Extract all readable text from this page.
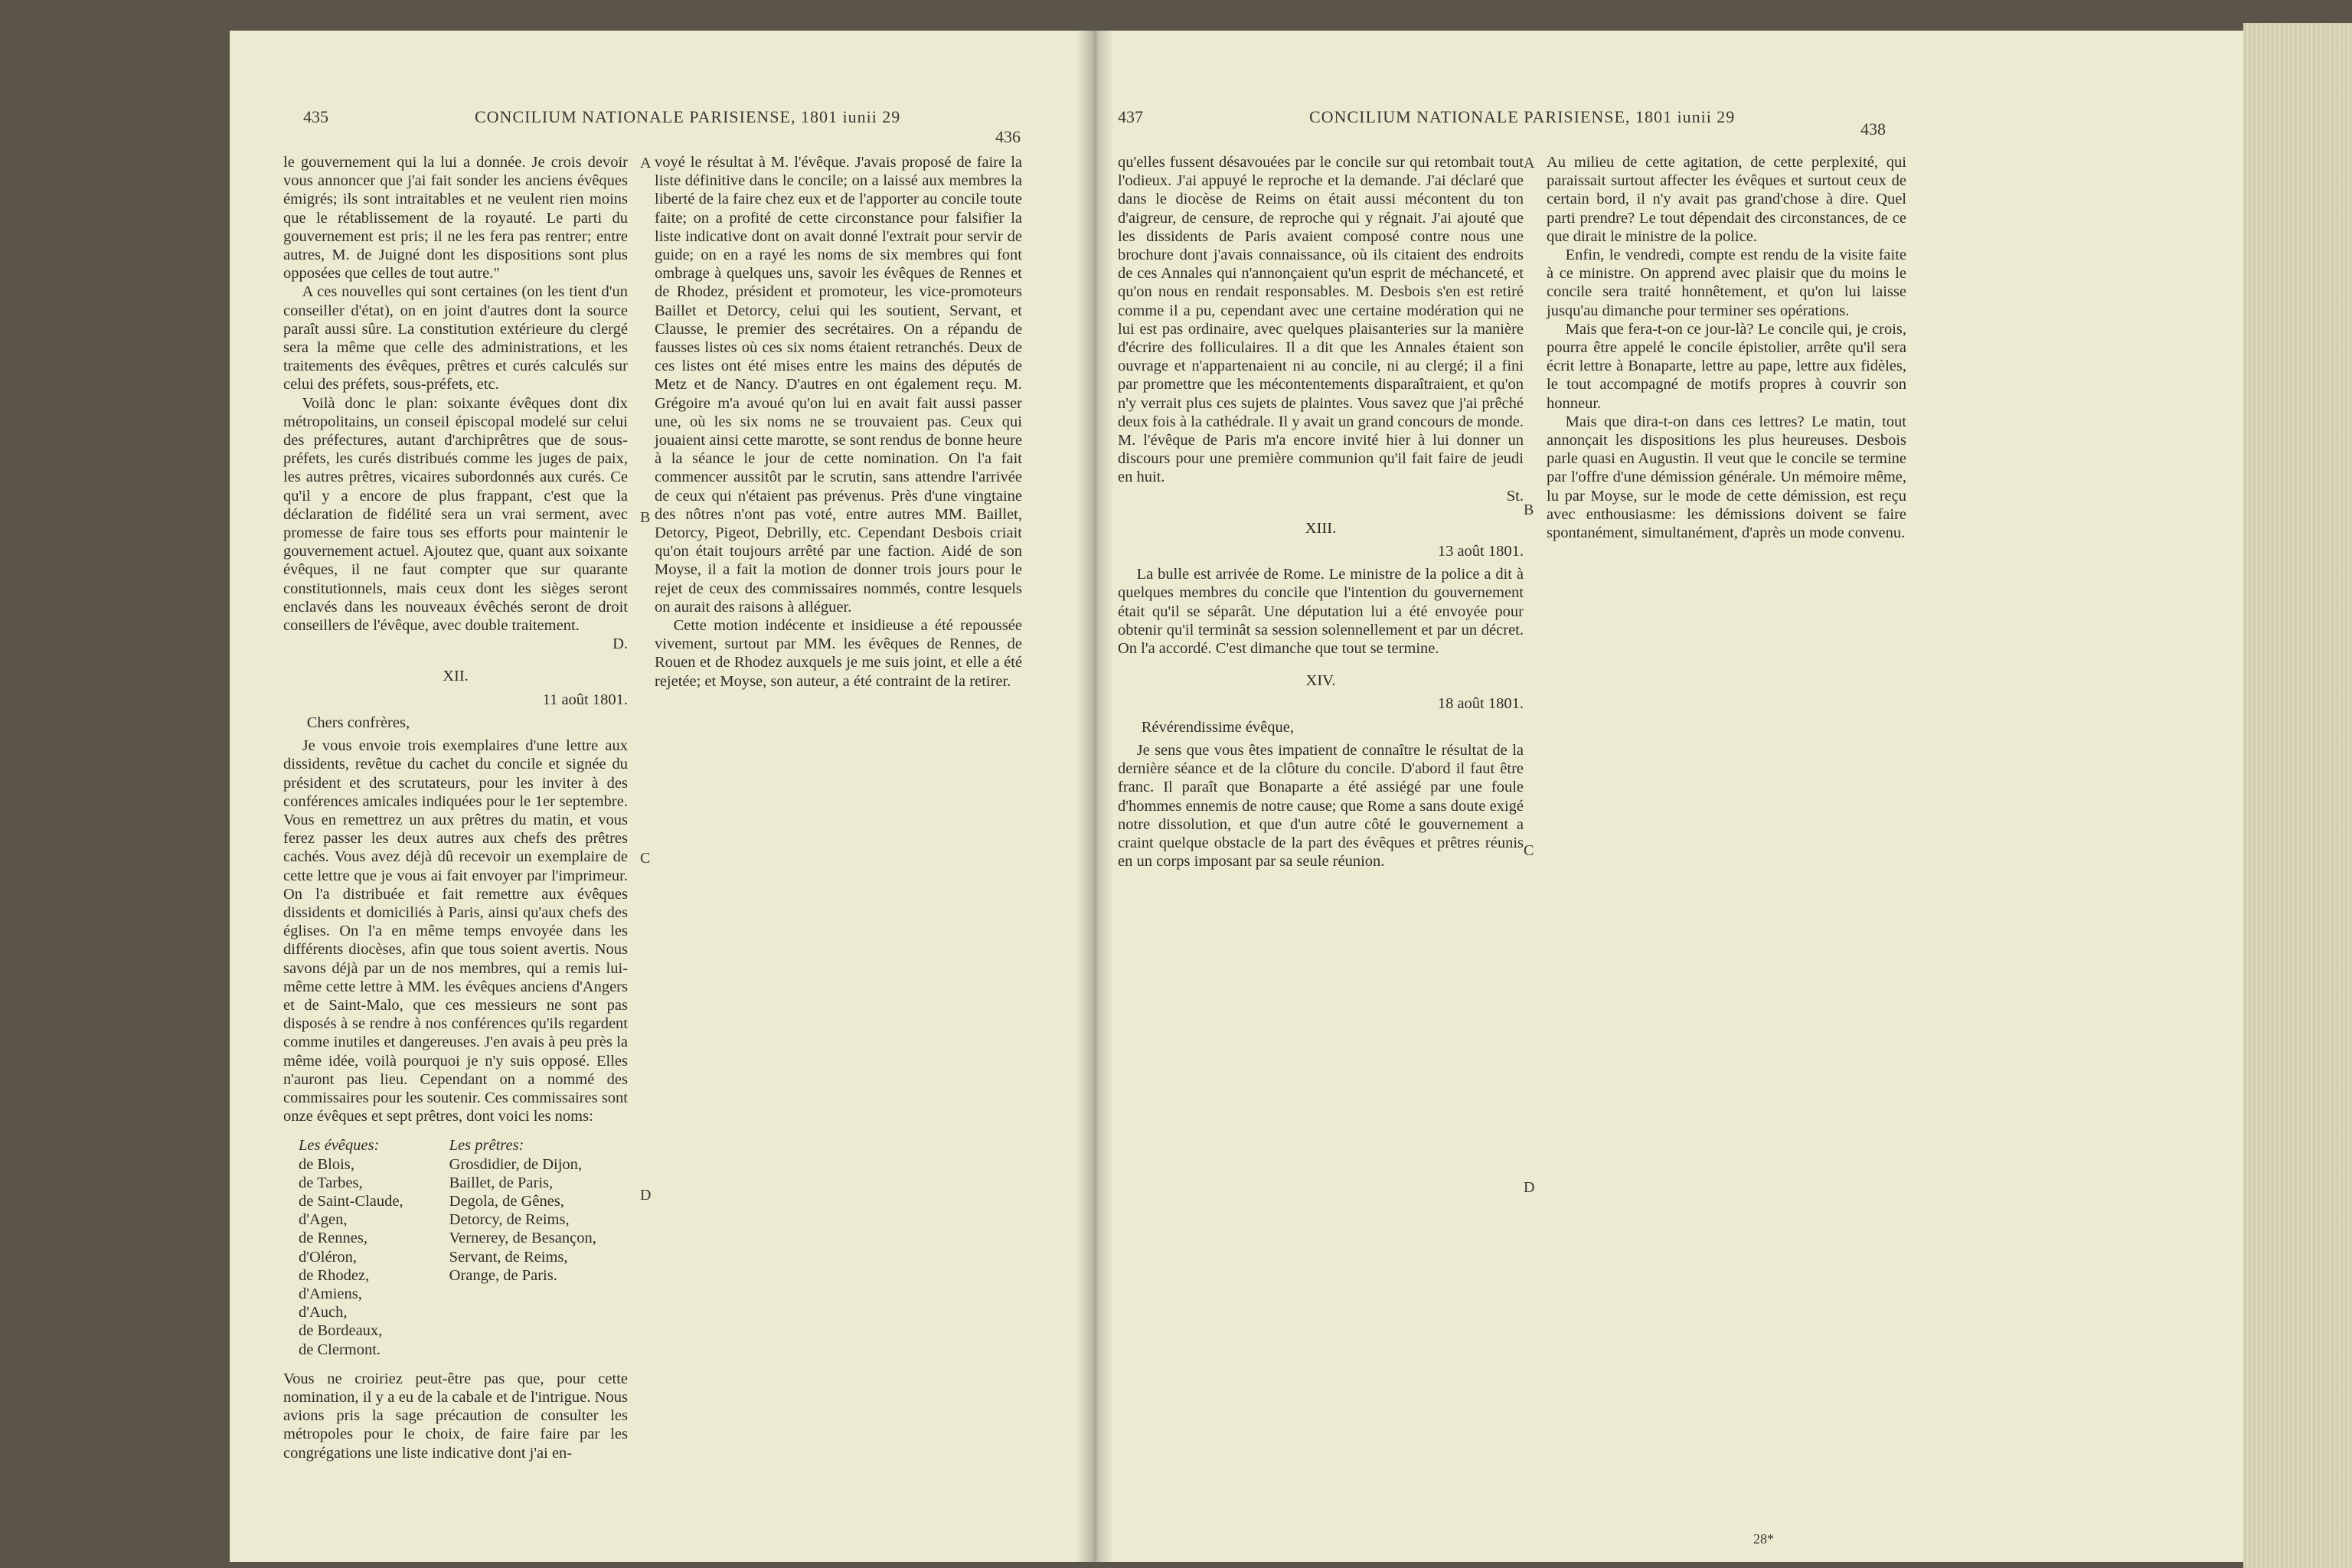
435	CONCILIUM NATIONALE PARISIENSE, 1801 iunii 29
436

le gouvernement qui la lui a donnée. Je crois devoir vous annoncer que j'ai fait sonder les anciens évêques émigrés; ils sont intraitables et ne veulent rien moins que le rétablissement de la royauté. Le parti du gouvernement est pris; il ne les fera pas rentrer; entre autres, M. de Juigné dont les dispositions sont plus opposées que celles de tout autre."

A ces nouvelles qui sont certaines (on les tient d'un conseiller d'état), on en joint d'autres dont la source paraît aussi sûre. La constitution extérieure du clergé sera la même que celle des administrations, et les traitements des évêques, prêtres et curés calculés sur celui des préfets, sous-préfets, etc.

Voilà donc le plan: soixante évêques dont dix métropolitains, un conseil épiscopal modelé sur celui des préfectures, autant d'archiprêtres que de sous-préfets, les curés distribués comme les juges de paix, les autres prêtres, vicaires subordonnés aux curés. Ce qu'il y a encore de plus frappant, c'est que la déclaration de fidélité sera un vrai serment, avec promesse de faire tous ses efforts pour maintenir le gouvernement actuel. Ajoutez que, quant aux soixante évêques, il ne faut compter que sur quarante constitutionnels, mais ceux dont les sièges seront enclavés dans les nouveaux évêchés seront de droit conseillers de l'évêque, avec double traitement.

D.

XII.

11 août 1801.

Chers confrères,

Je vous envoie trois exemplaires d'une lettre aux dissidents, revêtue du cachet du concile et signée du président et des scrutateurs, pour les inviter à des conférences amicales indiquées pour le 1er septembre. Vous en remettrez un aux prêtres du matin, et vous ferez passer les deux autres aux chefs des prêtres cachés. Vous avez déjà dû recevoir un exemplaire de cette lettre que je vous ai fait envoyer par l'imprimeur. On l'a distribuée et fait remettre aux évêques dissidents et domiciliés à Paris, ainsi qu'aux chefs des églises. On l'a en même temps envoyée dans les différents diocèses, afin que tous soient avertis. Nous savons déjà par un de nos membres, qui a remis lui-même cette lettre à MM. les évêques anciens d'Angers et de Saint-Malo, que ces messieurs ne sont pas disposés à se rendre à nos conférences qu'ils regardent comme inutiles et dangereuses. J'en avais à peu près la même idée, voilà pourquoi je n'y suis opposé. Elles n'auront pas lieu. Cependant on a nommé des commissaires pour les soutenir. Ces commissaires sont onze évêques et sept prêtres, dont voici les noms:

Les évêques:
de Blois,
de Tarbes,
de Saint-Claude,
d'Agen,
de Rennes,
d'Oléron,
de Rhodez,
d'Amiens,
d'Auch,
de Bordeaux,
de Clermont.
Les prêtres:
Grosdidier, de Dijon,
Baillet, de Paris,
Degola, de Gênes,
Detorcy, de Reims,
Vernerey, de Besançon,
Servant, de Reims,
Orange, de Paris.

Vous ne croiriez peut-être pas que, pour cette nomination, il y a eu de la cabale et de l'intrigue. Nous avions pris la sage précaution de consulter les métropoles pour le choix, de faire faire par les congrégations une liste indicative dont j'ai en-

A
B
C
D

voyé le résultat à M. l'évêque. J'avais proposé de faire la liste définitive dans le concile; on a laissé aux membres la liberté de la faire chez eux et de l'apporter au concile toute faite; on a profité de cette circonstance pour falsifier la liste indicative dont on avait donné l'extrait pour servir de guide; on en a rayé les noms de six membres qui font ombrage à quelques uns, savoir les évêques de Rennes et de Rhodez, président et promoteur, les vice-promoteurs Baillet et Detorcy, celui qui les soutient, Servant, et Clausse, le premier des secrétaires. On a répandu de fausses listes où ces six noms étaient retranchés. Deux de ces listes ont été mises entre les mains des députés de Metz et de Nancy. D'autres en ont également reçu. M. Grégoire m'a avoué qu'on lui en avait fait aussi passer une, où les six noms ne se trouvaient pas. Ceux qui jouaient ainsi cette marotte, se sont rendus de bonne heure à la séance le jour de cette nomination. On l'a fait commencer aussitôt par le scrutin, sans attendre l'arrivée de ceux qui n'étaient pas prévenus. Près d'une vingtaine des nôtres n'ont pas voté, entre autres MM. Baillet, Detorcy, Pigeot, Debrilly, etc. Cependant Desbois criait qu'on était toujours arrêté par une faction. Aidé de son Moyse, il a fait la motion de donner trois jours pour le rejet de ceux des commissaires nommés, contre lesquels on aurait des raisons à alléguer.

Cette motion indécente et insidieuse a été repoussée vivement, surtout par MM. les évêques de Rennes, de Rouen et de Rhodez auxquels je me suis joint, et elle a été rejetée; et Moyse, son auteur, a été contraint de la retirer.

437	CONCILIUM NATIONALE PARISIENSE, 1801 iunii 29
438

qu'elles fussent désavouées par le concile sur qui retombait tout l'odieux. J'ai appuyé le reproche et la demande. J'ai déclaré que dans le diocèse de Reims on était aussi mécontent du ton d'aigreur, de censure, de reproche qui y régnait. J'ai ajouté que les dissidents de Paris avaient composé contre nous une brochure dont j'avais connaissance, où ils citaient des endroits de ces Annales qui n'annonçaient qu'un esprit de méchanceté, et qu'on nous en rendait responsables. M. Desbois s'en est retiré comme il a pu, cependant avec une certaine modération qui ne lui est pas ordinaire, avec quelques plaisanteries sur la manière d'écrire des folliculaires. Il a dit que les Annales étaient son ouvrage et n'appartenaient ni au concile, ni au clergé; il a fini par promettre que les mécontentements disparaîtraient, et qu'on n'y verrait plus ces sujets de plaintes. Vous savez que j'ai prêché deux fois à la cathédrale. Il y avait un grand concours de monde. M. l'évêque de Paris m'a encore invité hier à lui donner un discours pour une première communion qu'il fait faire de jeudi en huit.

St.

XIII.

13 août 1801.

La bulle est arrivée de Rome. Le ministre de la police a dit à quelques membres du concile que l'intention du gouvernement était qu'il se séparât. Une députation lui a été envoyée pour obtenir qu'il terminât sa session solennellement et par un décret. On l'a accordé. C'est dimanche que tout se termine.

XIV.

18 août 1801.

Révérendissime évêque,

Je sens que vous êtes impatient de connaître le résultat de la dernière séance et de la clôture du concile. D'abord il faut être franc. Il paraît que Bonaparte a été assiégé par une foule d'hommes ennemis de notre cause; que Rome a sans doute exigé notre dissolution, et que d'un autre côté le gouvernement a craint quelque obstacle de la part des évêques et prêtres réunis en un corps imposant par sa seule réunion.

A
B
C
D

Au milieu de cette agitation, de cette perplexité, qui paraissait surtout affecter les évêques et surtout ceux de certain bord, il n'y avait pas grand'chose à dire. Quel parti prendre? Le tout dépendait des circonstances, de ce que dirait le ministre de la police.

Enfin, le vendredi, compte est rendu de la visite faite à ce ministre. On apprend avec plaisir que du moins le concile sera traité honnêtement, et qu'on lui laisse jusqu'au dimanche pour terminer ses opérations.

Mais que fera-t-on ce jour-là? Le concile qui, je crois, pourra être appelé le concile épistolier, arrête qu'il sera écrit lettre à Bonaparte, lettre au pape, lettre aux fidèles, le tout accompagné de motifs propres à couvrir son honneur.

Mais que dira-t-on dans ces lettres? Le matin, tout annonçait les dispositions les plus heureuses. Desbois parle quasi en Augustin. Il veut que le concile se termine par l'offre d'une démission générale. Un mémoire même, lu par Moyse, sur le mode de cette démission, est reçu avec enthousiasme: les démissions doivent se faire spontanément, simultanément, d'après un mode convenu.

28*
